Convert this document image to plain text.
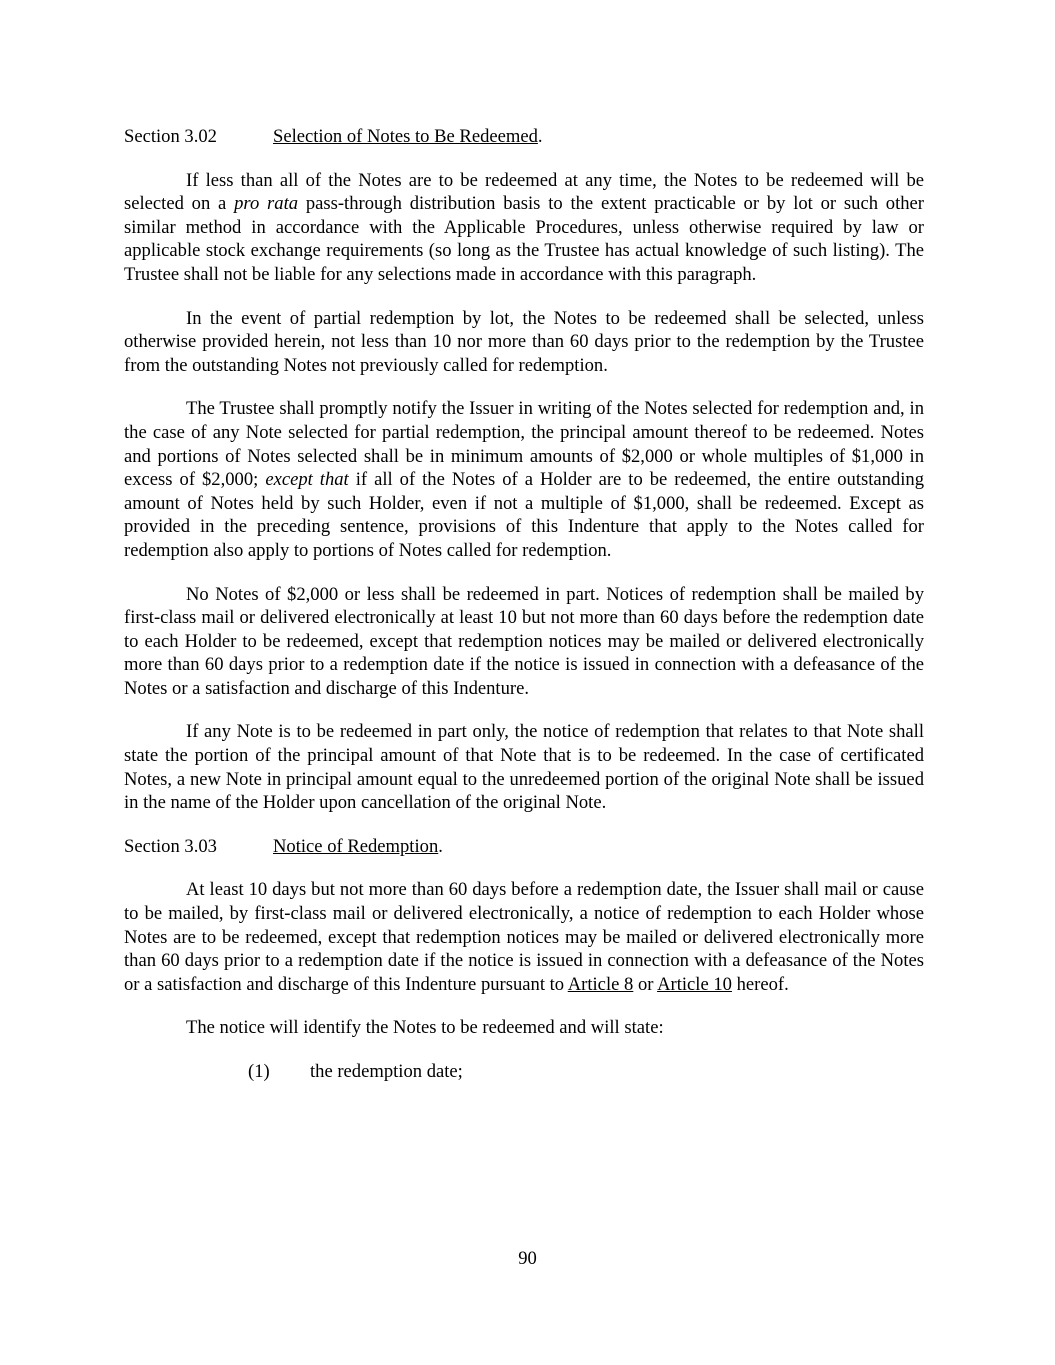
Section 3.02	Selection of Notes to Be Redeemed.

If less than all of the Notes are to be redeemed at any time, the Notes to be redeemed will be selected on a pro rata pass-through distribution basis to the extent practicable or by lot or such other similar method in accordance with the Applicable Procedures, unless otherwise required by law or applicable stock exchange requirements (so long as the Trustee has actual knowledge of such listing). The Trustee shall not be liable for any selections made in accordance with this paragraph.

In the event of partial redemption by lot, the Notes to be redeemed shall be selected, unless otherwise provided herein, not less than 10 nor more than 60 days prior to the redemption by the Trustee from the outstanding Notes not previously called for redemption.

The Trustee shall promptly notify the Issuer in writing of the Notes selected for redemption and, in the case of any Note selected for partial redemption, the principal amount thereof to be redeemed. Notes and portions of Notes selected shall be in minimum amounts of $2,000 or whole multiples of $1,000 in excess of $2,000; except that if all of the Notes of a Holder are to be redeemed, the entire outstanding amount of Notes held by such Holder, even if not a multiple of $1,000, shall be redeemed. Except as provided in the preceding sentence, provisions of this Indenture that apply to the Notes called for redemption also apply to portions of Notes called for redemption.

No Notes of $2,000 or less shall be redeemed in part. Notices of redemption shall be mailed by first-class mail or delivered electronically at least 10 but not more than 60 days before the redemption date to each Holder to be redeemed, except that redemption notices may be mailed or delivered electronically more than 60 days prior to a redemption date if the notice is issued in connection with a defeasance of the Notes or a satisfaction and discharge of this Indenture.

If any Note is to be redeemed in part only, the notice of redemption that relates to that Note shall state the portion of the principal amount of that Note that is to be redeemed. In the case of certificated Notes, a new Note in principal amount equal to the unredeemed portion of the original Note shall be issued in the name of the Holder upon cancellation of the original Note.

Section 3.03	Notice of Redemption.

At least 10 days but not more than 60 days before a redemption date, the Issuer shall mail or cause to be mailed, by first-class mail or delivered electronically, a notice of redemption to each Holder whose Notes are to be redeemed, except that redemption notices may be mailed or delivered electronically more than 60 days prior to a redemption date if the notice is issued in connection with a defeasance of the Notes or a satisfaction and discharge of this Indenture pursuant to Article 8 or Article 10 hereof.

The notice will identify the Notes to be redeemed and will state:

(1) the redemption date;
90
